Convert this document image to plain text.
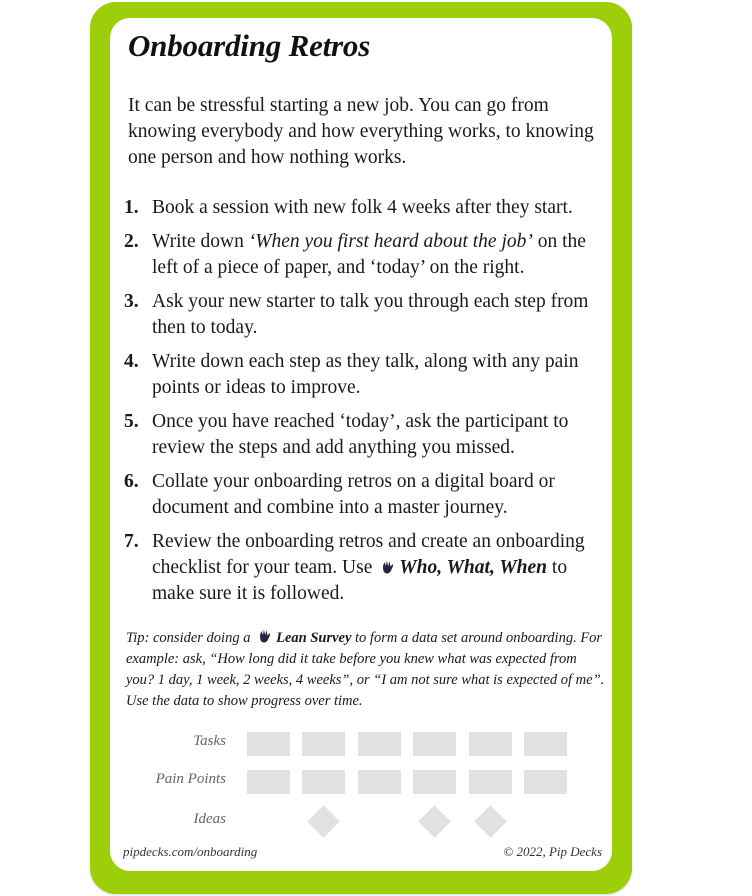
Onboarding Retros

It can be stressful starting a new job. You can go from knowing everybody and how everything works, to knowing one person and how nothing works.

1. Book a session with new folk 4 weeks after they start.
2. Write down ‘When you first heard about the job’ on the left of a piece of paper, and ‘today’ on the right.
3. Ask your new starter to talk you through each step from then to today.
4. Write down each step as they talk, along with any pain points or ideas to improve.
5. Once you have reached ‘today’, ask the participant to review the steps and add anything you missed.
6. Collate your onboarding retros on a digital board or document and combine into a master journey.
7. Review the onboarding retros and create an onboarding checklist for your team. Use Who, What, When to make sure it is followed.

Tip: consider doing a Lean Survey to form a data set around onboarding. For example: ask, “How long did it take before you knew what was expected from you? 1 day, 1 week, 2 weeks, 4 weeks”, or “I am not sure what is expected of me”. Use the data to show progress over time.

Tasks
Pain Points
Ideas
pipdecks.com/onboarding	© 2022, Pip Decks
